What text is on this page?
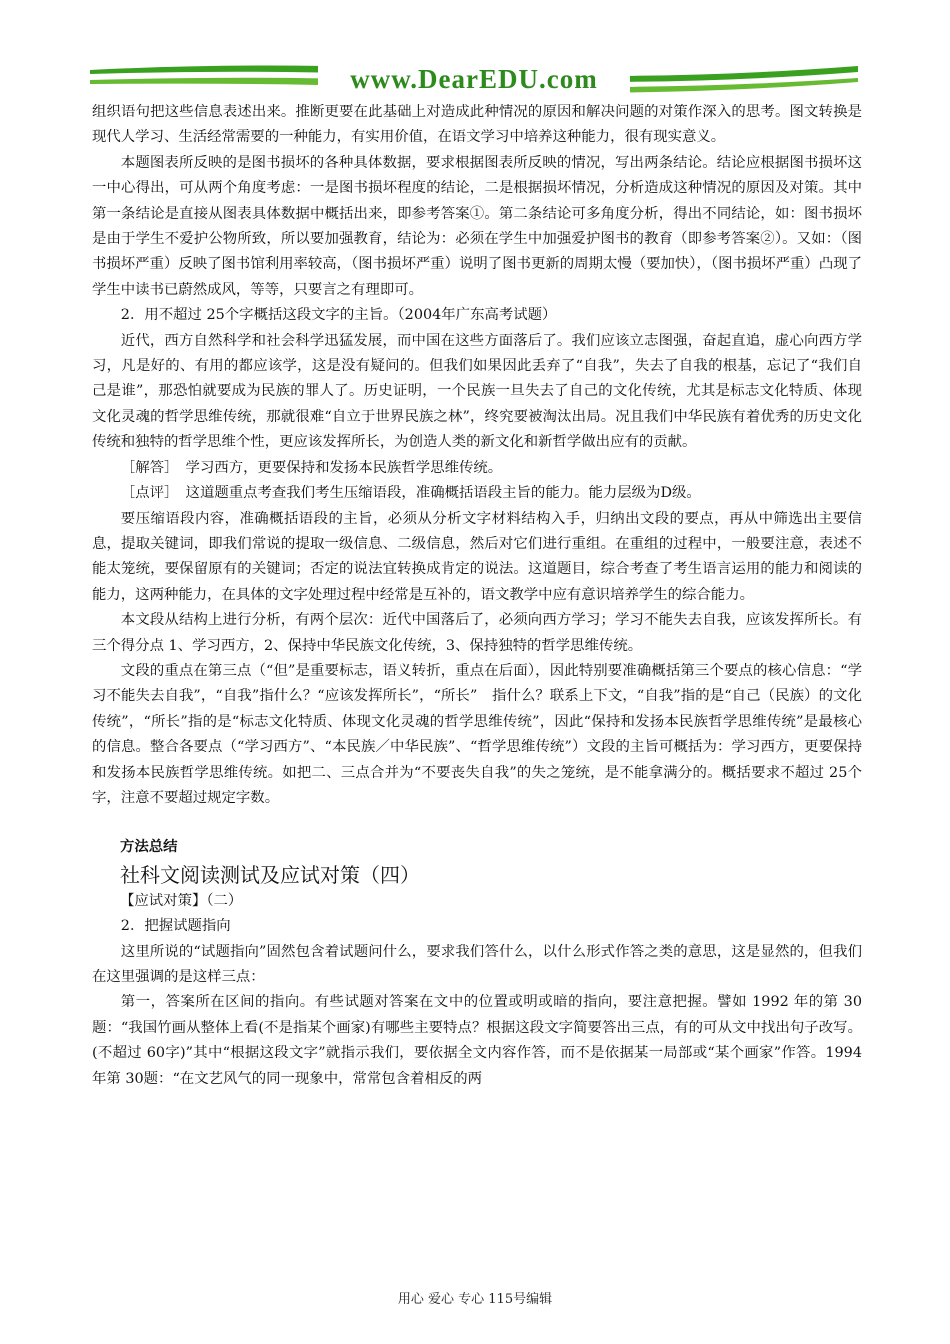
www.DearEDU.com

组织语句把这些信息表述出来。推断更要在此基础上对造成此种情况的原因和解决问题的对策作深入的思考。图文转换是现代人学习、生活经常需要的一种能力，有实用价值，在语文学习中培养这种能力，很有现实意义。

本题图表所反映的是图书损坏的各种具体数据，要求根据图表所反映的情况，写出两条结论。结论应根据图书损坏这一中心得出，可从两个角度考虑：一是图书损坏程度的结论，二是根据损坏情况，分析造成这种情况的原因及对策。其中第一条结论是直接从图表具体数据中概括出来，即参考答案①。第二条结论可多角度分析，得出不同结论，如：图书损坏是由于学生不爱护公物所致，所以要加强教育，结论为：必须在学生中加强爱护图书的教育（即参考答案②）。又如：（图书损坏严重）反映了图书馆利用率较高，（图书损坏严重）说明了图书更新的周期太慢（要加快），（图书损坏严重）凸现了学生中读书已蔚然成风，等等，只要言之有理即可。

2．用不超过 25个字概括这段文字的主旨。（2004年广东高考试题）

近代，西方自然科学和社会科学迅猛发展，而中国在这些方面落后了。我们应该立志图强，奋起直追，虚心向西方学习，凡是好的、有用的都应该学，这是没有疑问的。但我们如果因此丢弃了“自我”，失去了自我的根基，忘记了“我们自己是谁”，那恐怕就要成为民族的罪人了。历史证明，一个民族一旦失去了自己的文化传统，尤其是标志文化特质、体现文化灵魂的哲学思维传统，那就很难“自立于世界民族之林”，终究要被淘汰出局。况且我们中华民族有着优秀的历史文化传统和独特的哲学思维个性，更应该发挥所长，为创造人类的新文化和新哲学做出应有的贡献。

［解答］　学习西方，更要保持和发扬本民族哲学思维传统。

［点评］　这道题重点考查我们考生压缩语段，准确概括语段主旨的能力。能力层级为D级。

要压缩语段内容，准确概括语段的主旨，必须从分析文字材料结构入手，归纳出文段的要点，再从中筛选出主要信息，提取关键词，即我们常说的提取一级信息、二级信息，然后对它们进行重组。在重组的过程中，一般要注意，表述不能太笼统，要保留原有的关键词；否定的说法宜转换成肯定的说法。这道题目，综合考查了考生语言运用的能力和阅读的能力，这两种能力，在具体的文字处理过程中经常是互补的，语文教学中应有意识培养学生的综合能力。

本文段从结构上进行分析，有两个层次：近代中国落后了，必须向西方学习；学习不能失去自我，应该发挥所长。有三个得分点 1、学习西方，2、保持中华民族文化传统，3、保持独特的哲学思维传统。

文段的重点在第三点（“但”是重要标志，语义转折，重点在后面），因此特别要准确概括第三个要点的核心信息：“学习不能失去自我”，“自我”指什么？“应该发挥所长”，“所长”　指什么？联系上下文，“自我”指的是“自己（民族）的文化传统”，“所长”指的是“标志文化特质、体现文化灵魂的哲学思维传统”，因此“保持和发扬本民族哲学思维传统”是最核心的信息。整合各要点（“学习西方”、“本民族／中华民族”、“哲学思维传统”）文段的主旨可概括为：学习西方，更要保持和发扬本民族哲学思维传统。如把二、三点合并为“不要丧失自我”的失之笼统，是不能拿满分的。概括要求不超过 25个字，注意不要超过规定字数。

方法总结

社科文阅读测试及应试对策（四）

【应试对策】（二）

2．把握试题指向

这里所说的“试题指向”固然包含着试题问什么，要求我们答什么，以什么形式作答之类的意思，这是显然的，但我们在这里强调的是这样三点：

第一，答案所在区间的指向。有些试题对答案在文中的位置或明或暗的指向，要注意把握。譬如 1992 年的第 30题：“我国竹画从整体上看(不是指某个画家)有哪些主要特点？根据这段文字简要答出三点，有的可从文中找出句子改写。(不超过 60字)”其中“根据这段文字”就指示我们，要依据全文内容作答，而不是依据某一局部或“某个画家”作答。1994 年第 30题：“在文艺风气的同一现象中，常常包含着相反的两

用心 爱心 专心 115号编辑
